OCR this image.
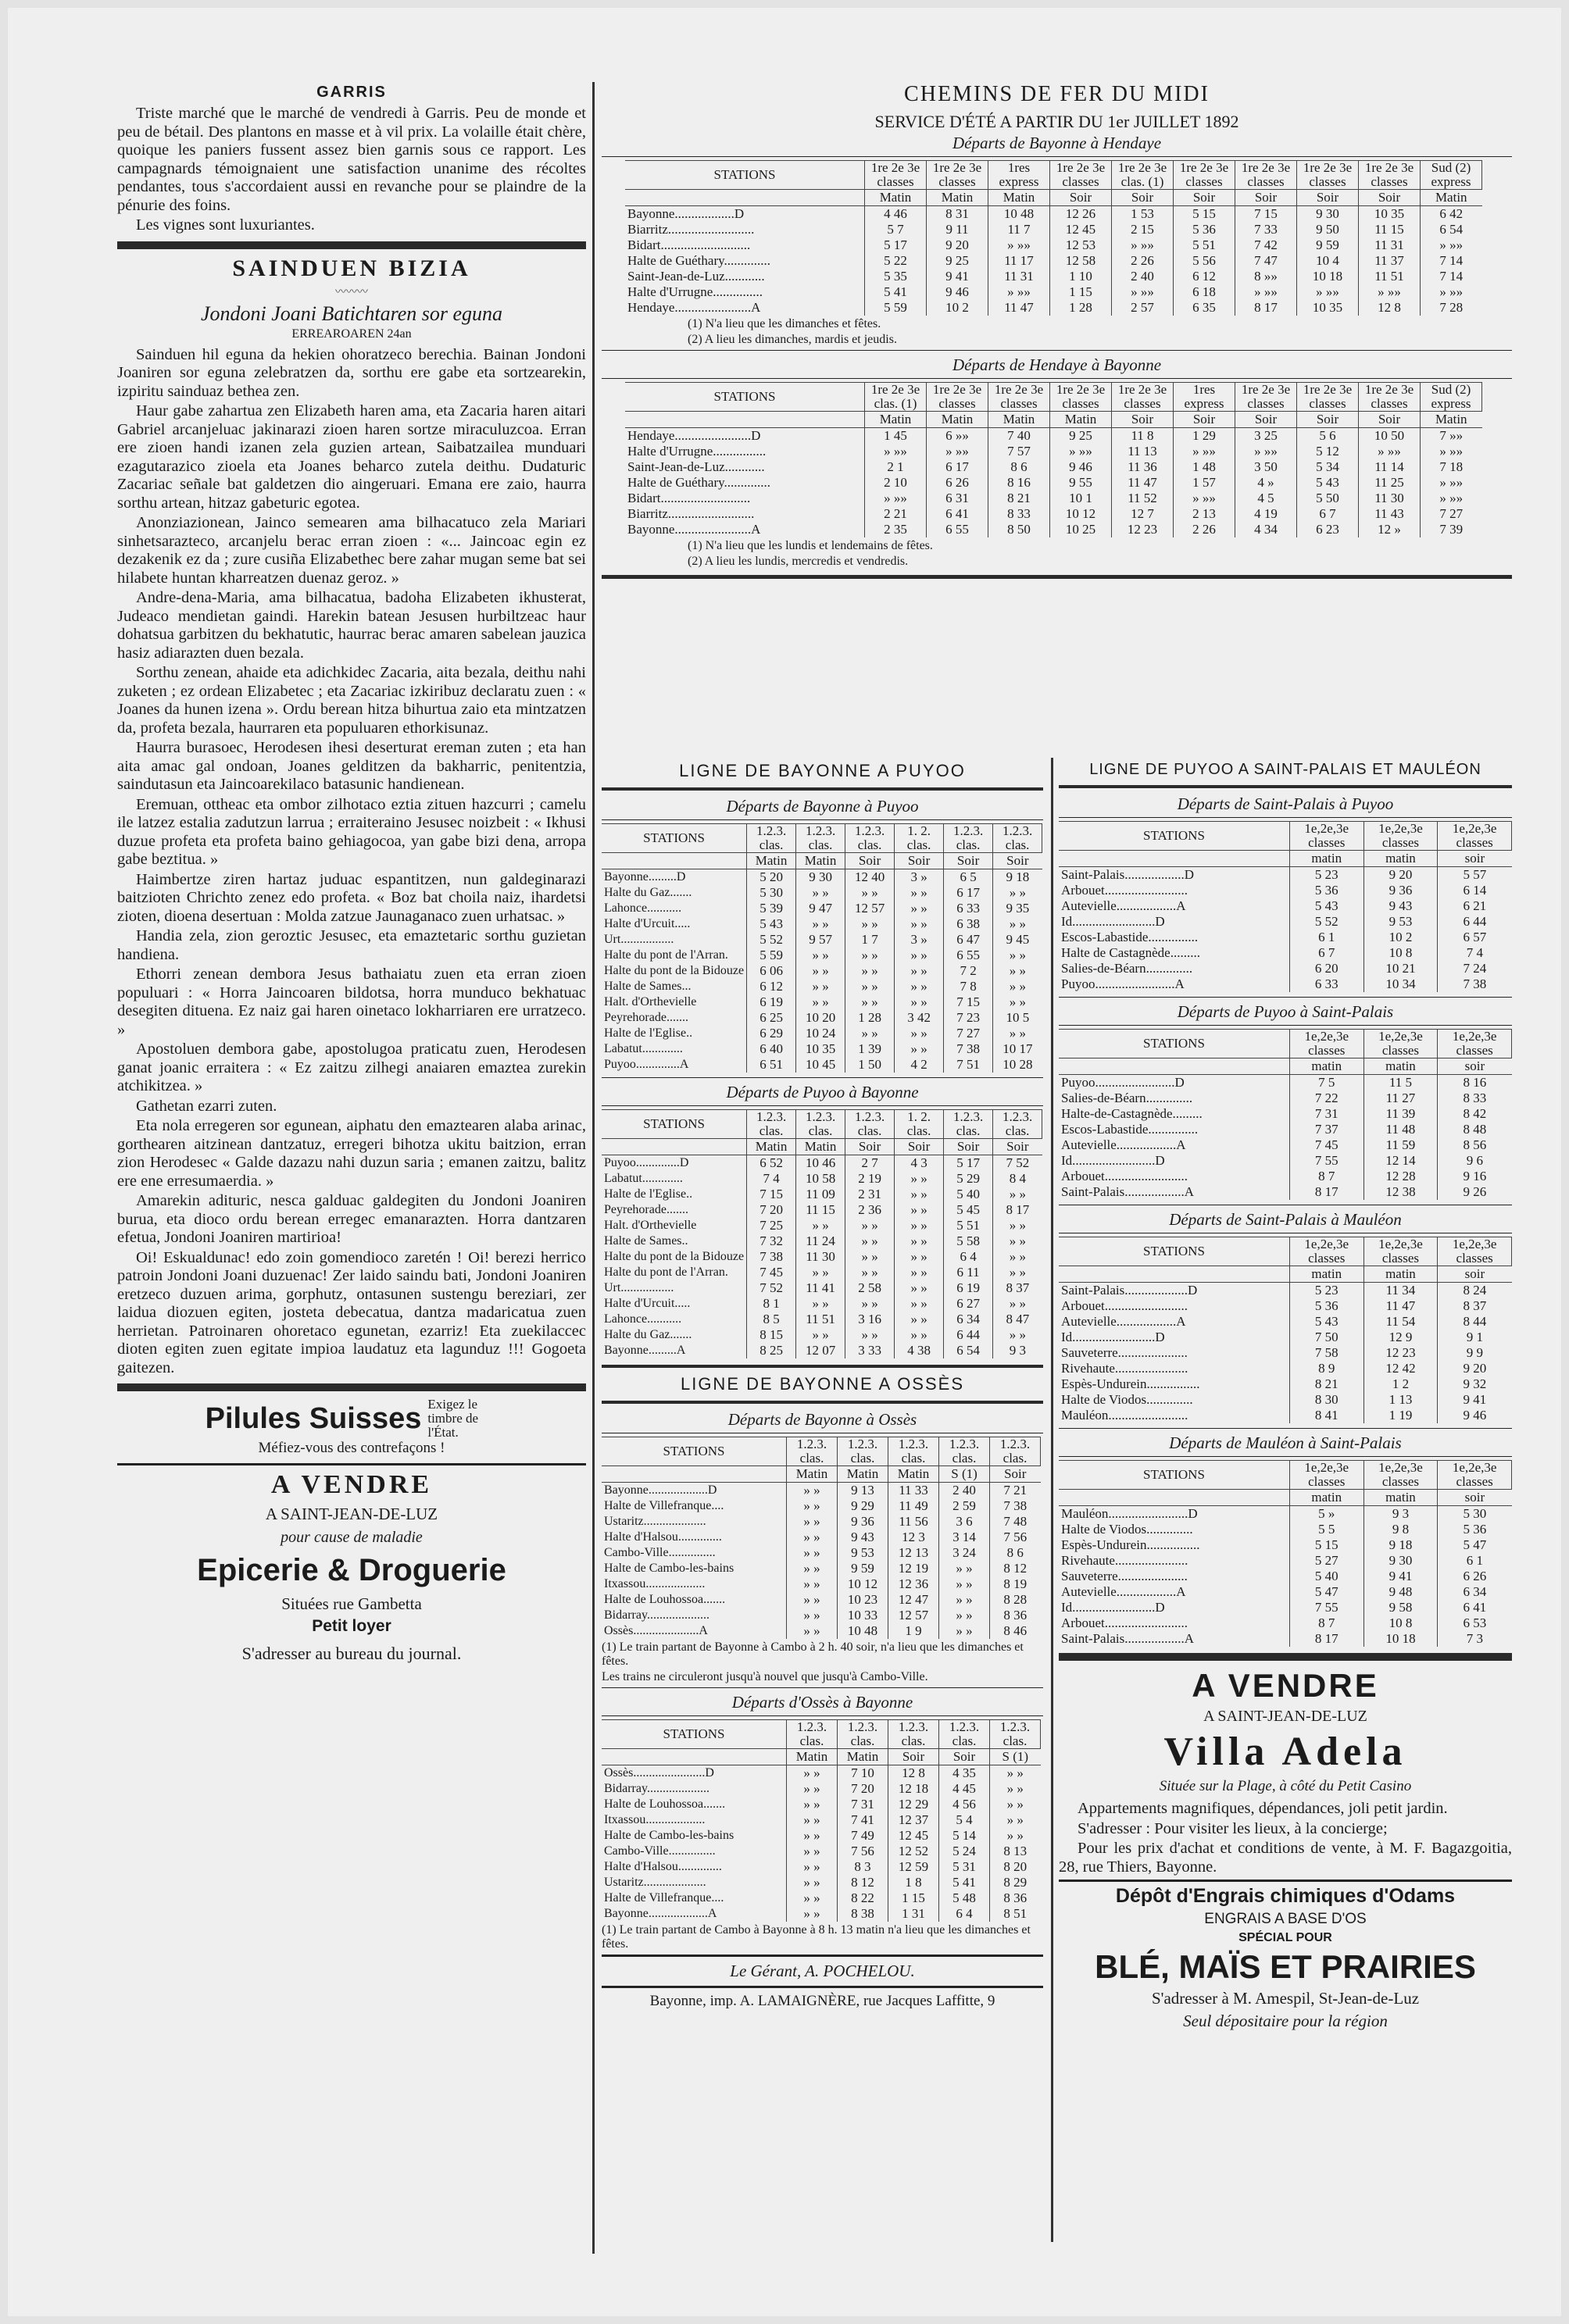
GARRIS

Triste marché que le marché de vendredi à Garris. Peu de monde et peu de bétail. Des plantons en masse et à vil prix. La volaille était chère, quoique les paniers fussent assez bien garnis sous ce rapport. Les campagnards témoignaient une satisfaction unanime des récoltes pendantes, tous s'accordaient aussi en revanche pour se plaindre de la pénurie des foins.

Les vignes sont luxuriantes.

SAINDUEN BIZIA
〰〰〰
Jondoni Joani Batichtaren sor eguna
ERREAROAREN 24an

Sainduen hil eguna da hekien ohoratzeco berechia. Bainan Jondoni Joaniren sor eguna zelebratzen da, sorthu ere gabe eta sortzearekin, izpiritu sainduaz bethea zen.

Haur gabe zahartua zen Elizabeth haren ama, eta Zacaria haren aitari Gabriel arcanjeluac jakinarazi zioen haren sortze miraculuzcoa. Erran ere zioen handi izanen zela guzien artean, Saibatzailea munduari ezagutarazico zioela eta Joanes beharco zutela deithu. Dudaturic Zacariac señale bat galdetzen dio aingeruari. Emana ere zaio, haurra sorthu artean, hitzaz gabeturic egotea.

Anonziazionean, Jainco semearen ama bilhacatuco zela Mariari sinhetsarazteco, arcanjelu berac erran zioen : «... Jaincoac egin ez dezakenik ez da ; zure cusiña Elizabethec bere zahar mugan seme bat sei hilabete huntan kharreatzen duenaz geroz. »

Andre-dena-Maria, ama bilhacatua, badoha Elizabeten ikhusterat, Judeaco mendietan gaindi. Harekin batean Jesusen hurbiltzeac haur dohatsua garbitzen du bekhatutic, haurrac berac amaren sabelean jauzica hasiz adiarazten duen bezala.

Sorthu zenean, ahaide eta adichkidec Zacaria, aita bezala, deithu nahi zuketen ; ez ordean Elizabetec ; eta Zacariac izkiribuz declaratu zuen : « Joanes da hunen izena ». Ordu berean hitza bihurtua zaio eta mintzatzen da, profeta bezala, haurraren eta populuaren ethorkisunaz.

Haurra burasoec, Herodesen ihesi deserturat ereman zuten ; eta han aita amac gal ondoan, Joanes gelditzen da bakharric, penitentzia, saindutasun eta Jaincoarekilaco batasunic handienean.

Eremuan, ottheac eta ombor zilhotaco eztia zituen hazcurri ; camelu ile latzez estalia zadutzun larrua ; erraiteraino Jesusec noizbeit : « Ikhusi duzue profeta eta profeta baino gehiagocoa, yan gabe bizi dena, arropa gabe beztitua. »

Haimbertze ziren hartaz juduac espantitzen, nun galdeginarazi baitzioten Chrichto zenez edo profeta. « Boz bat choila naiz, ihardetsi zioten, dioena desertuan : Molda zatzue Jaunaganaco zuen urhatsac. »

Handia zela, zion geroztic Jesusec, eta emaztetaric sorthu guzietan handiena.

Ethorri zenean dembora Jesus bathaiatu zuen eta erran zioen populuari : « Horra Jaincoaren bildotsa, horra munduco bekhatuac desegiten dituena. Ez naiz gai haren oinetaco lokharriaren ere urratzeco. »

Apostoluen dembora gabe, apostolugoa praticatu zuen, Herodesen ganat joanic erraitera : « Ez zaitzu zilhegi anaiaren emaztea zurekin atchikitzea. »

Gathetan ezarri zuten.

Eta nola erregeren sor egunean, aiphatu den emaztearen alaba arinac, gorthearen aitzinean dantzatuz, erregeri bihotza ukitu baitzion, erran zion Herodesec « Galde dazazu nahi duzun saria ; emanen zaitzu, balitz ere ene erresumaerdia. »

Amarekin adituric, nesca galduac galdegiten du Jondoni Joaniren burua, eta dioco ordu berean erregec emanarazten. Horra dantzaren efetua, Jondoni Joaniren martirioa!

Oi! Eskualdunac! edo zoin gomendioco zaretén ! Oi! berezi herrico patroin Jondoni Joani duzuenac! Zer laido saindu bati, Jondoni Joaniren eretzeco duzuen arima, gorphutz, ontasunen sustengu bereziari, zer laidua diozuen egiten, josteta debecatua, dantza madaricatua zuen herrietan. Patroinaren ohoretaco egunetan, ezarriz! Eta zuekilaccec dioten egiten zuen egitate impioa laudatuz eta lagunduz !!! Gogoeta gaitezen.

Pilules Suisses Exigez le timbre de l'État.
Méfiez-vous des contrefaçons !
A VENDRE
A SAINT-JEAN-DE-LUZ
pour cause de maladie
Epicerie & Droguerie
Situées rue Gambetta
Petit loyer
S'adresser au bureau du journal.
CHEMINS DE FER DU MIDI
SERVICE D'ÉTÉ A PARTIR DU 1er JUILLET 1892
Départs de Bayonne à Hendaye
STATIONS	1re 2e 3e classes	1re 2e 3e classes	1res express	1re 2e 3e classes	1re 2e 3e clas. (1)	1re 2e 3e classes	1re 2e 3e classes	1re 2e 3e classes	1re 2e 3e classes	Sud (2) express
	Matin	Matin	Matin	Soir	Soir	Soir	Soir	Soir	Soir	Matin
Bayonne..................D	4 46	8 31	10 48	12 26	1 53	5 15	7 15	9 30	10 35	6 42
Biarritz..........................	5 7	9 11	11 7	12 45	2 15	5 36	7 33	9 50	11 15	6 54
Bidart...........................	5 17	9 20	» »»	12 53	» »»	5 51	7 42	9 59	11 31	» »»
Halte de Guéthary..............	5 22	9 25	11 17	12 58	2 26	5 56	7 47	10 4	11 37	7 14
Saint-Jean-de-Luz............	5 35	9 41	11 31	1 10	2 40	6 12	8 »»	10 18	11 51	7 14
Halte d'Urrugne...............	5 41	9 46	» »»	1 15	» »»	6 18	» »»	» »»	» »»	» »»
Hendaye.......................A	5 59	10 2	11 47	1 28	2 57	6 35	8 17	10 35	12 8	7 28
(1) N'a lieu que les dimanches et fêtes.
(2) A lieu les dimanches, mardis et jeudis.
Départs de Hendaye à Bayonne
STATIONS	1re 2e 3e clas. (1)	1re 2e 3e classes	1re 2e 3e classes	1re 2e 3e classes	1re 2e 3e classes	1res express	1re 2e 3e classes	1re 2e 3e classes	1re 2e 3e classes	Sud (2) express
	Matin	Matin	Matin	Matin	Soir	Soir	Soir	Soir	Soir	Matin
Hendaye.......................D	1 45	6 »»	7 40	9 25	11 8	1 29	3 25	5 6	10 50	7 »»
Halte d'Urrugne................	» »»	» »»	7 57	» »»	11 13	» »»	» »»	5 12	» »»	» »»
Saint-Jean-de-Luz............	2 1	6 17	8 6	9 46	11 36	1 48	3 50	5 34	11 14	7 18
Halte de Guéthary..............	2 10	6 26	8 16	9 55	11 47	1 57	4 »	5 43	11 25	» »»
Bidart...........................	» »»	6 31	8 21	10 1	11 52	» »»	4 5	5 50	11 30	» »»
Biarritz..........................	2 21	6 41	8 33	10 12	12 7	2 13	4 19	6 7	11 43	7 27
Bayonne.......................A	2 35	6 55	8 50	10 25	12 23	2 26	4 34	6 23	12 »	7 39
(1) N'a lieu que les lundis et lendemains de fêtes.
(2) A lieu les lundis, mercredis et vendredis.
LIGNE DE BAYONNE A PUYOO
Départs de Bayonne à Puyoo
STATIONS	1.2.3. clas.	1.2.3. clas.	1.2.3. clas.	1. 2. clas.	1.2.3. clas.	1.2.3. clas.
	Matin	Matin	Soir	Soir	Soir	Soir
Bayonne.........D	5 20	9 30	12 40	3 »	6 5	9 18
Halte du Gaz.......	5 30	» »	» »	» »	6 17	» »
Lahonce...........	5 39	9 47	12 57	» »	6 33	9 35
Halte d'Urcuit.....	5 43	» »	» »	» »	6 38	» »
Urt.................	5 52	9 57	1 7	3 »	6 47	9 45
Halte du pont de l'Arran.	5 59	» »	» »	» »	6 55	» »
Halte du pont de la Bidouze	6 06	» »	» »	» »	7 2	» »
Halte de Sames...	6 12	» »	» »	» »	7 8	» »
Halt. d'Orthevielle	6 19	» »	» »	» »	7 15	» »
Peyrehorade.......	6 25	10 20	1 28	3 42	7 23	10 5
Halte de l'Eglise..	6 29	10 24	» »	» »	7 27	» »
Labatut.............	6 40	10 35	1 39	» »	7 38	10 17
Puyoo..............A	6 51	10 45	1 50	4 2	7 51	10 28
Départs de Puyoo à Bayonne
STATIONS	1.2.3. clas.	1.2.3. clas.	1.2.3. clas.	1. 2. clas.	1.2.3. clas.	1.2.3. clas.
	Matin	Matin	Soir	Soir	Soir	Soir
Puyoo..............D	6 52	10 46	2 7	4 3	5 17	7 52
Labatut.............	7 4	10 58	2 19	» »	5 29	8 4
Halte de l'Eglise..	7 15	11 09	2 31	» »	5 40	» »
Peyrehorade.......	7 20	11 15	2 36	» »	5 45	8 17
Halt. d'Orthevielle	7 25	» »	» »	» »	5 51	» »
Halte de Sames..	7 32	11 24	» »	» »	5 58	» »
Halte du pont de la Bidouze	7 38	11 30	» »	» »	6 4	» »
Halte du pont de l'Arran.	7 45	» »	» »	» »	6 11	» »
Urt.................	7 52	11 41	2 58	» »	6 19	8 37
Halte d'Urcuit.....	8 1	» »	» »	» »	6 27	» »
Lahonce...........	8 5	11 51	3 16	» »	6 34	8 47
Halte du Gaz.......	8 15	» »	» »	» »	6 44	» »
Bayonne.........A	8 25	12 07	3 33	4 38	6 54	9 3
LIGNE DE BAYONNE A OSSÈS
Départs de Bayonne à Ossès
STATIONS	1.2.3. clas.	1.2.3. clas.	1.2.3. clas.	1.2.3. clas.	1.2.3. clas.
	Matin	Matin	Matin	S (1)	Soir
Bayonne...................D	» »	9 13	11 33	2 40	7 21
Halte de Villefranque....	» »	9 29	11 49	2 59	7 38
Ustaritz....................	» »	9 36	11 56	3 6	7 48
Halte d'Halsou..............	» »	9 43	12 3	3 14	7 56
Cambo-Ville...............	» »	9 53	12 13	3 24	8 6
Halte de Cambo-les-bains	» »	9 59	12 19	» »	8 12
Itxassou...................	» »	10 12	12 36	» »	8 19
Halte de Louhossoa.......	» »	10 23	12 47	» »	8 28
Bidarray....................	» »	10 33	12 57	» »	8 36
Ossès.....................A	» »	10 48	1 9	» »	8 46
(1) Le train partant de Bayonne à Cambo à 2 h. 40 soir, n'a lieu que les dimanches et fêtes.
Les trains ne circuleront jusqu'à nouvel que jusqu'à Cambo-Ville.
Départs d'Ossès à Bayonne
STATIONS	1.2.3. clas.	1.2.3. clas.	1.2.3. clas.	1.2.3. clas.	1.2.3. clas.
	Matin	Matin	Soir	Soir	S (1)
Ossès.......................D	» »	7 10	12 8	4 35	» »
Bidarray....................	» »	7 20	12 18	4 45	» »
Halte de Louhossoa.......	» »	7 31	12 29	4 56	» »
Itxassou...................	» »	7 41	12 37	5 4	» »
Halte de Cambo-les-bains	» »	7 49	12 45	5 14	» »
Cambo-Ville...............	» »	7 56	12 52	5 24	8 13
Halte d'Halsou..............	» »	8 3	12 59	5 31	8 20
Ustaritz....................	» »	8 12	1 8	5 41	8 29
Halte de Villefranque....	» »	8 22	1 15	5 48	8 36
Bayonne...................A	» »	8 38	1 31	6 4	8 51
(1) Le train partant de Cambo à Bayonne à 8 h. 13 matin n'a lieu que les dimanches et fêtes.
Le Gérant, A. POCHELOU.
Bayonne, imp. A. LAMAIGNÈRE, rue Jacques Laffitte, 9
LIGNE DE PUYOO A SAINT-PALAIS ET MAULÉON
Départs de Saint-Palais à Puyoo
STATIONS	1e,2e,3e classes	1e,2e,3e classes	1e,2e,3e classes
	matin	matin	soir
Saint-Palais..................D	5 23	9 20	5 57
Arbouet.........................	5 36	9 36	6 14
Autevielle..................A	5 43	9 43	6 21
Id.........................D	5 52	9 53	6 44
Escos-Labastide...............	6 1	10 2	6 57
Halte de Castagnède.........	6 7	10 8	7 4
Salies-de-Béarn..............	6 20	10 21	7 24
Puyoo........................A	6 33	10 34	7 38
Départs de Puyoo à Saint-Palais
STATIONS	1e,2e,3e classes	1e,2e,3e classes	1e,2e,3e classes
	matin	matin	soir
Puyoo........................D	7 5	11 5	8 16
Salies-de-Béarn..............	7 22	11 27	8 33
Halte-de-Castagnède.........	7 31	11 39	8 42
Escos-Labastide...............	7 37	11 48	8 48
Autevielle..................A	7 45	11 59	8 56
Id.........................D	7 55	12 14	9 6
Arbouet.........................	8 7	12 28	9 16
Saint-Palais..................A	8 17	12 38	9 26
Départs de Saint-Palais à Mauléon
STATIONS	1e,2e,3e classes	1e,2e,3e classes	1e,2e,3e classes
	matin	matin	soir
Saint-Palais...................D	5 23	11 34	8 24
Arbouet.........................	5 36	11 47	8 37
Autevielle..................A	5 43	11 54	8 44
Id.........................D	7 50	12 9	9 1
Sauveterre.....................	7 58	12 23	9 9
Rivehaute......................	8 9	12 42	9 20
Espès-Undurein................	8 21	1 2	9 32
Halte de Viodos..............	8 30	1 13	9 41
Mauléon........................	8 41	1 19	9 46
Départs de Mauléon à Saint-Palais
STATIONS	1e,2e,3e classes	1e,2e,3e classes	1e,2e,3e classes
	matin	matin	soir
Mauléon........................D	5 »	9 3	5 30
Halte de Viodos..............	5 5	9 8	5 36
Espès-Undurein................	5 15	9 18	5 47
Rivehaute......................	5 27	9 30	6 1
Sauveterre.....................	5 40	9 41	6 26
Autevielle..................A	5 47	9 48	6 34
Id.........................D	7 55	9 58	6 41
Arbouet.........................	8 7	10 8	6 53
Saint-Palais..................A	8 17	10 18	7 3
A VENDRE
A SAINT-JEAN-DE-LUZ
Villa Adela
Située sur la Plage, à côté du Petit Casino

Appartements magnifiques, dépendances, joli petit jardin.

S'adresser : Pour visiter les lieux, à la concierge;

Pour les prix d'achat et conditions de vente, à M. F. Bagazgoitia, 28, rue Thiers, Bayonne.

Dépôt d'Engrais chimiques d'Odams
ENGRAIS A BASE D'OS
SPÉCIAL POUR
BLÉ, MAÏS ET PRAIRIES
S'adresser à M. Amespil, St-Jean-de-Luz
Seul dépositaire pour la région
